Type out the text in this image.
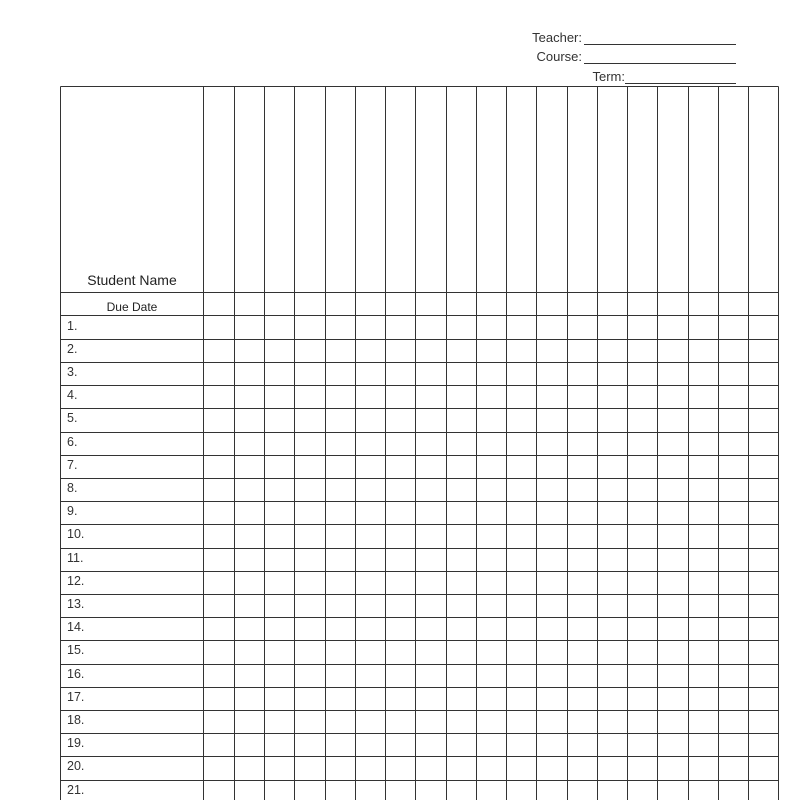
Teacher:
Course:
Term:
Student Name
Due Date
1.
2.
3.
4.
5.
6.
7.
8.
9.
10.
11.
12.
13.
14.
15.
16.
17.
18.
19.
20.
21.
